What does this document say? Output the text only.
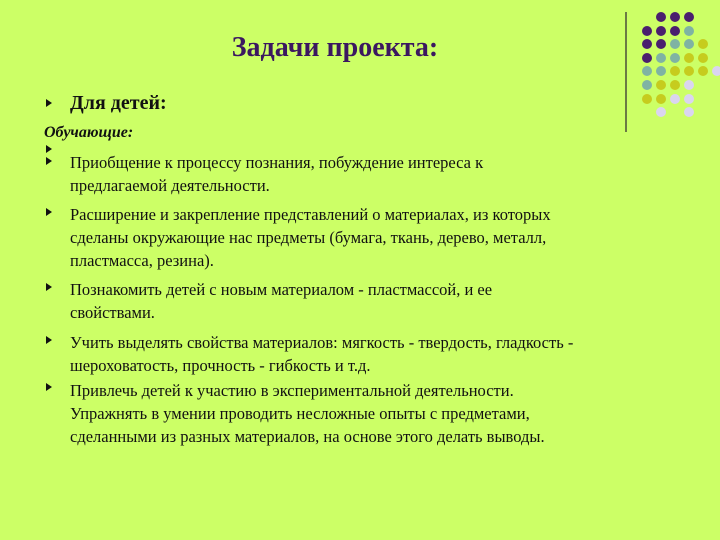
Задачи проекта:
Для детей:
Обучающие:
Приобщение к процессу познания, побуждение интереса к
предлагаемой деятельности.
Расширение и закрепление представлений о материалах, из которых
сделаны окружающие нас предметы (бумага, ткань, дерево, металл,
пластмасса, резина).
Познакомить детей с новым материалом - пластмассой, и ее
свойствами.
Учить выделять свойства материалов: мягкость - твердость, гладкость -
шероховатость, прочность - гибкость и т.д.
Привлечь детей к участию в экспериментальной деятельности.
Упражнять в умении проводить несложные опыты с предметами,
сделанными из разных материалов, на основе этого делать выводы.
